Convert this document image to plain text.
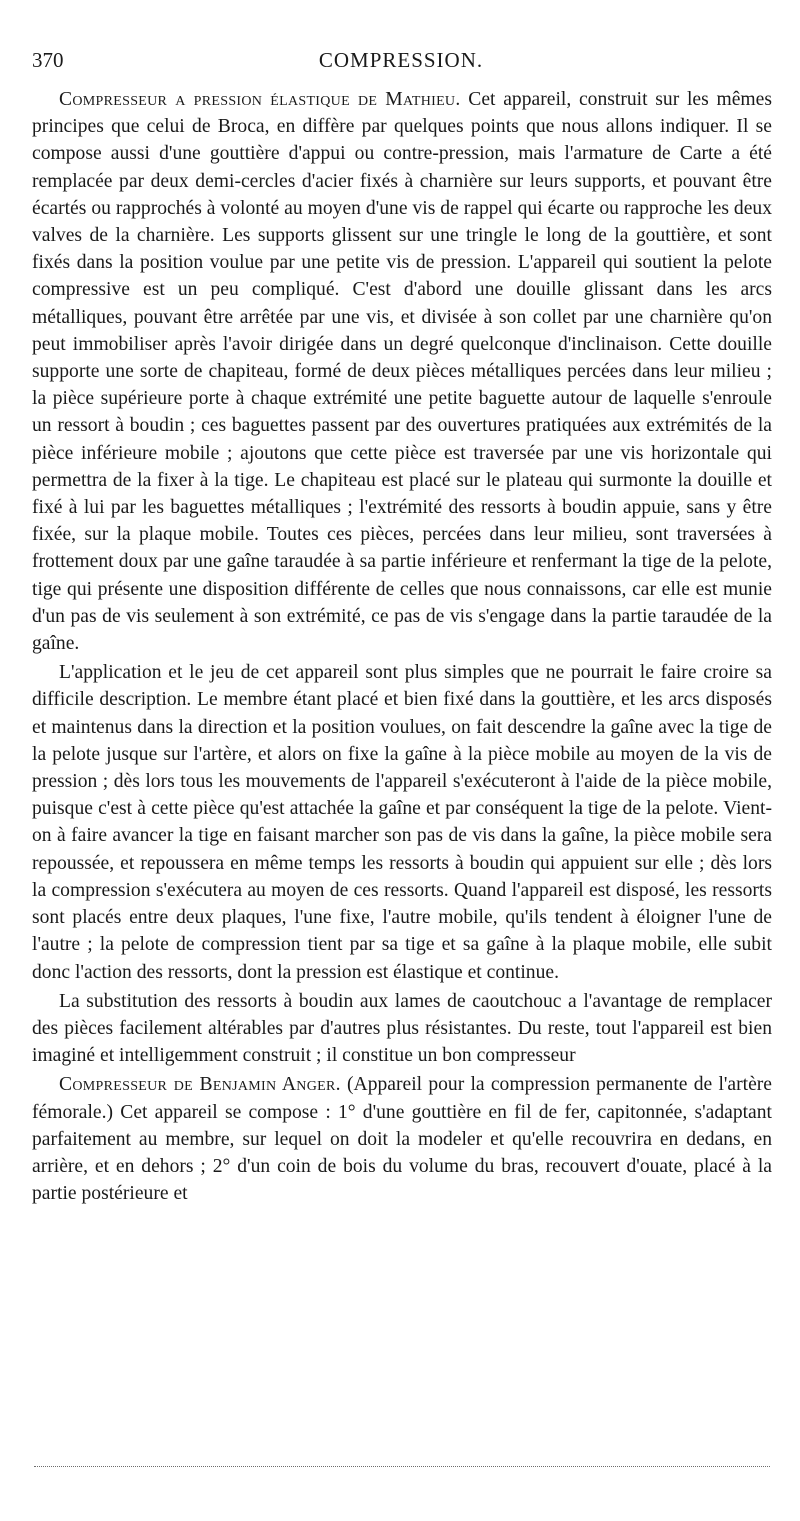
370	COMPRESSION.

Compresseur a pression élastique de Mathieu. Cet appareil, construit sur les mêmes principes que celui de Broca, en diffère par quelques points que nous allons indiquer. Il se compose aussi d'une gouttière d'appui ou contre-pression, mais l'armature de Carte a été remplacée par deux demi-cercles d'acier fixés à charnière sur leurs supports, et pouvant être écartés ou rapprochés à volonté au moyen d'une vis de rappel qui écarte ou rapproche les deux valves de la charnière. Les supports glissent sur une tringle le long de la gouttière, et sont fixés dans la position voulue par une petite vis de pression. L'appareil qui soutient la pelote compressive est un peu compliqué. C'est d'abord une douille glissant dans les arcs métalliques, pouvant être arrêtée par une vis, et divisée à son collet par une charnière qu'on peut immobiliser après l'avoir dirigée dans un degré quelconque d'inclinaison. Cette douille supporte une sorte de chapiteau, formé de deux pièces métalliques percées dans leur milieu ; la pièce supérieure porte à chaque extrémité une petite baguette autour de laquelle s'enroule un ressort à boudin ; ces baguettes passent par des ouvertures pratiquées aux extrémités de la pièce inférieure mobile ; ajoutons que cette pièce est traversée par une vis horizontale qui permettra de la fixer à la tige. Le chapiteau est placé sur le plateau qui surmonte la douille et fixé à lui par les baguettes métalliques ; l'extrémité des ressorts à boudin appuie, sans y être fixée, sur la plaque mobile. Toutes ces pièces, percées dans leur milieu, sont traversées à frottement doux par une gaîne taraudée à sa partie inférieure et renfermant la tige de la pelote, tige qui présente une disposition différente de celles que nous connaissons, car elle est munie d'un pas de vis seulement à son extrémité, ce pas de vis s'engage dans la partie taraudée de la gaîne.

L'application et le jeu de cet appareil sont plus simples que ne pourrait le faire croire sa difficile description. Le membre étant placé et bien fixé dans la gouttière, et les arcs disposés et maintenus dans la direction et la position voulues, on fait descendre la gaîne avec la tige de la pelote jusque sur l'artère, et alors on fixe la gaîne à la pièce mobile au moyen de la vis de pression ; dès lors tous les mouvements de l'appareil s'exécuteront à l'aide de la pièce mobile, puisque c'est à cette pièce qu'est attachée la gaîne et par conséquent la tige de la pelote. Vient-on à faire avancer la tige en faisant marcher son pas de vis dans la gaîne, la pièce mobile sera repoussée, et repoussera en même temps les ressorts à boudin qui appuient sur elle ; dès lors la compression s'exécutera au moyen de ces ressorts. Quand l'appareil est disposé, les ressorts sont placés entre deux plaques, l'une fixe, l'autre mobile, qu'ils tendent à éloigner l'une de l'autre ; la pelote de compression tient par sa tige et sa gaîne à la plaque mobile, elle subit donc l'action des ressorts, dont la pression est élastique et continue.

La substitution des ressorts à boudin aux lames de caoutchouc a l'avantage de remplacer des pièces facilement altérables par d'autres plus résistantes. Du reste, tout l'appareil est bien imaginé et intelligemment construit ; il constitue un bon compresseur

Compresseur de Benjamin Anger. (Appareil pour la compression permanente de l'artère fémorale.) Cet appareil se compose : 1° d'une gouttière en fil de fer, capitonnée, s'adaptant parfaitement au membre, sur lequel on doit la modeler et qu'elle recouvrira en dedans, en arrière, et en dehors ; 2° d'un coin de bois du volume du bras, recouvert d'ouate, placé à la partie postérieure et
